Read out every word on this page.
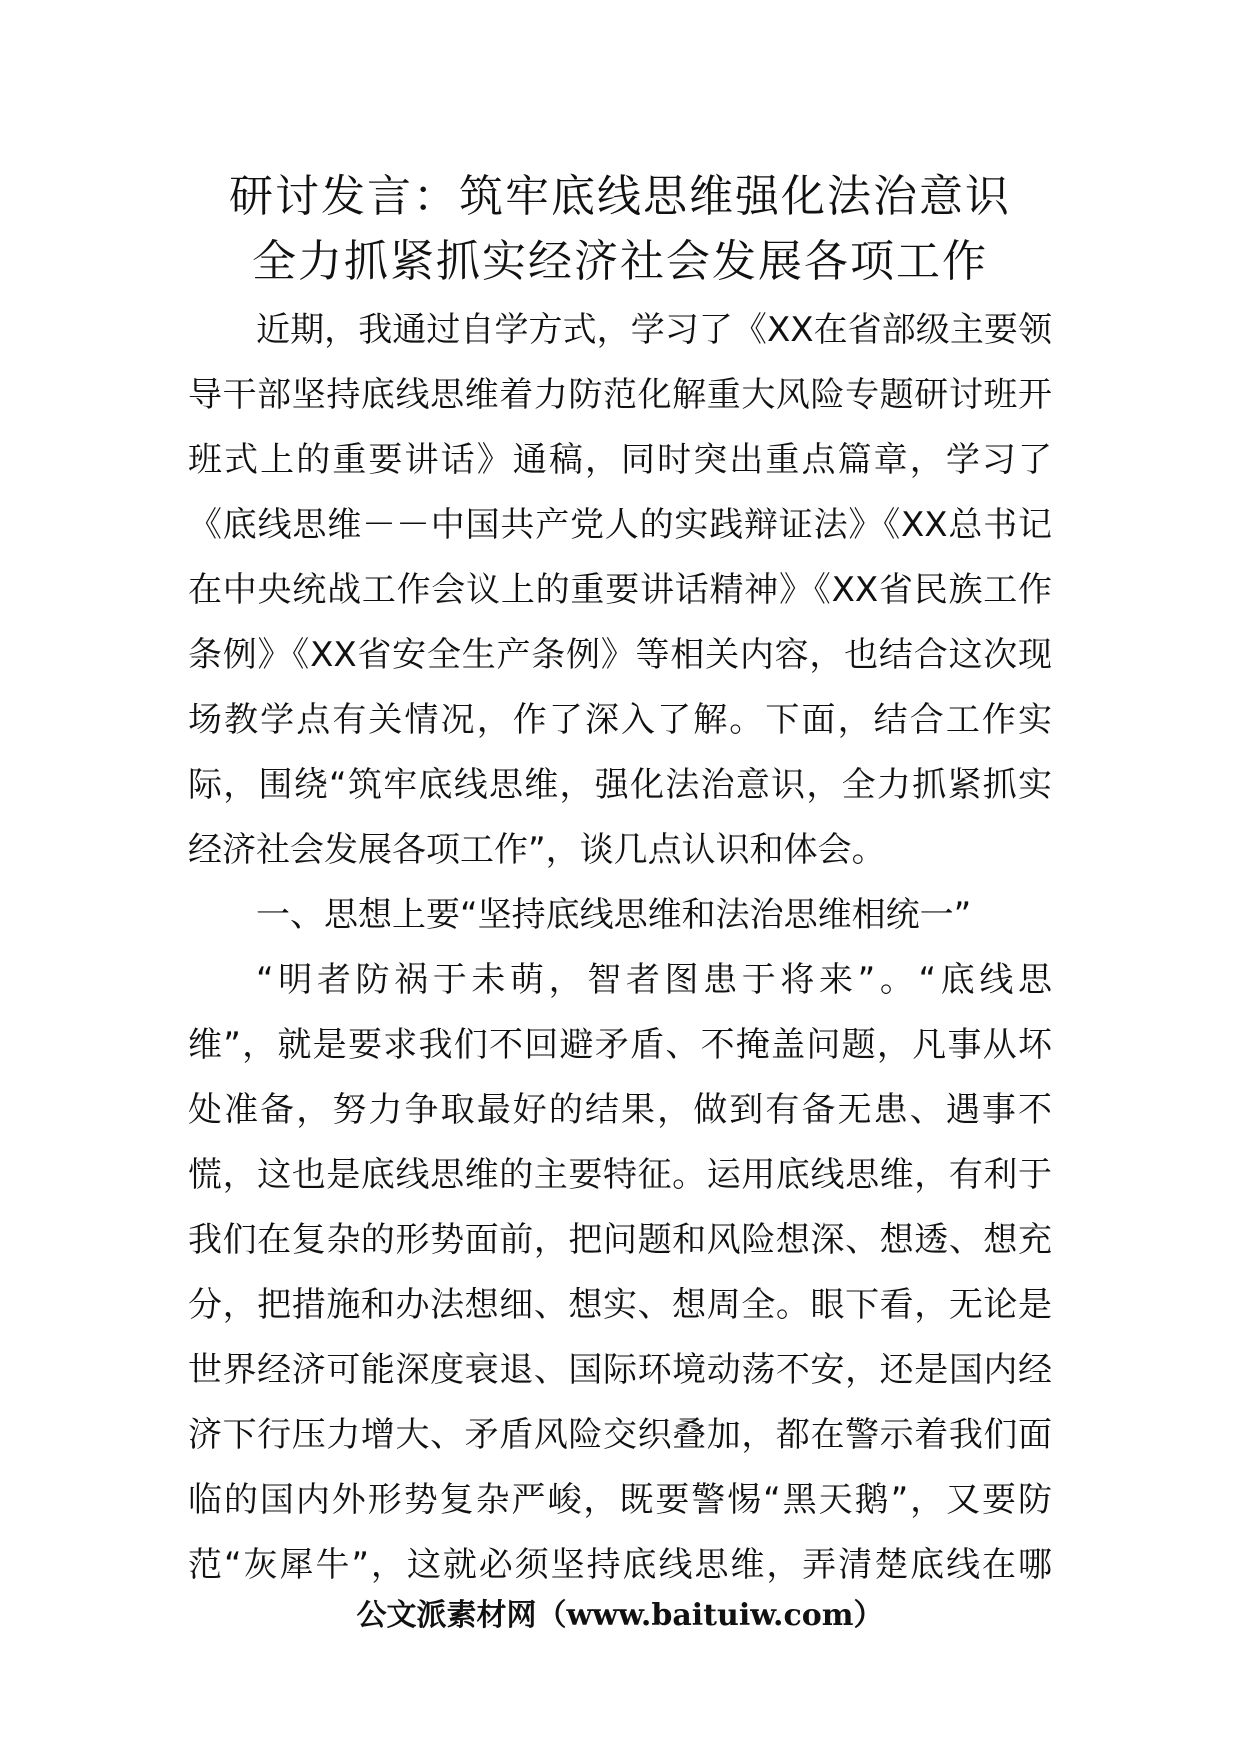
研讨发言：筑牢底线思维强化法治意识
全力抓紧抓实经济社会发展各项工作
近期，我通过自学方式，学习了《XX在省部级主要领
导干部坚持底线思维着力防范化解重大风险专题研讨班开
班式上的重要讲话》通稿，同时突出重点篇章，学习了
《底线思维－－中国共产党人的实践辩证法》《XX总书记
在中央统战工作会议上的重要讲话精神》《XX省民族工作
条例》《XX省安全生产条例》等相关内容，也结合这次现
场教学点有关情况，作了深入了解。下面，结合工作实
际，围绕“筑牢底线思维，强化法治意识，全力抓紧抓实
经济社会发展各项工作”，谈几点认识和体会。
一、思想上要“坚持底线思维和法治思维相统一”
“明者防祸于未萌，智者图患于将来”。“底线思
维”，就是要求我们不回避矛盾、不掩盖问题，凡事从坏
处准备，努力争取最好的结果，做到有备无患、遇事不
慌，这也是底线思维的主要特征。运用底线思维，有利于
我们在复杂的形势面前，把问题和风险想深、想透、想充
分，把措施和办法想细、想实、想周全。眼下看，无论是
世界经济可能深度衰退、国际环境动荡不安，还是国内经
济下行压力增大、矛盾风险交织叠加，都在警示着我们面
临的国内外形势复杂严峻，既要警惕“黑天鹅”，又要防
范“灰犀牛”，这就必须坚持底线思维，弄清楚底线在哪
公文派素材网（www.baituiw.com）
